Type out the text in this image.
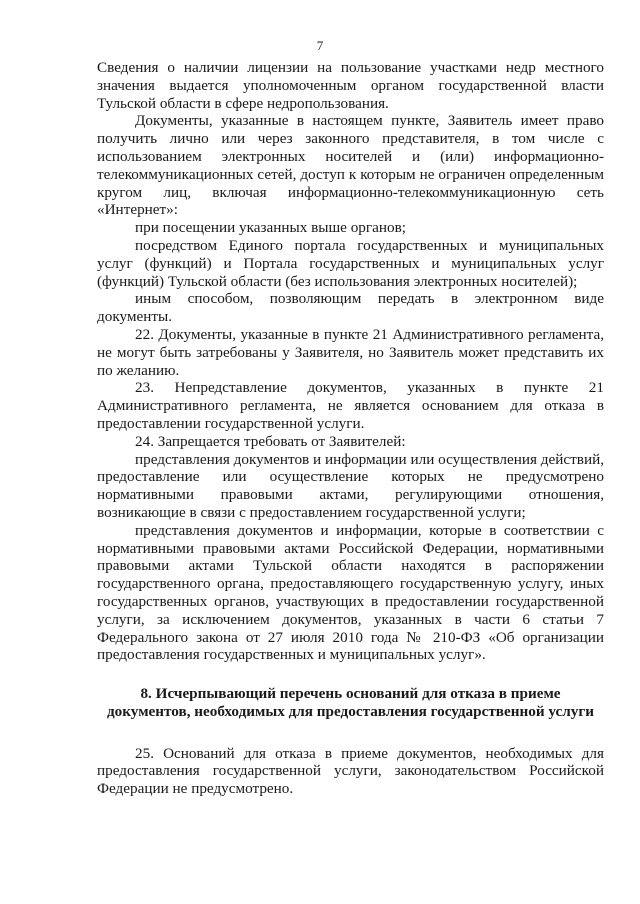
7

Сведения о наличии лицензии на пользование участками недр местного значения выдается уполномоченным органом государственной власти Тульской области в сфере недропользования.

Документы, указанные в настоящем пункте, Заявитель имеет право получить лично или через законного представителя, в том числе с использованием электронных носителей и (или) информационно-телекоммуникационных сетей, доступ к которым не ограничен определенным кругом лиц, включая информационно-телекоммуникационную сеть «Интернет»:

при посещении указанных выше органов;

посредством Единого портала государственных и муниципальных услуг (функций) и Портала государственных и муниципальных услуг (функций) Тульской области (без использования электронных носителей);

иным способом, позволяющим передать в электронном виде документы.

22. Документы, указанные в пункте 21 Административного регламента, не могут быть затребованы у Заявителя, но Заявитель может представить их по желанию.

23. Непредставление документов, указанных в пункте 21 Административного регламента, не является основанием для отказа в предоставлении государственной услуги.

24. Запрещается требовать от Заявителей:

представления документов и информации или осуществления действий, предоставление или осуществление которых не предусмотрено нормативными правовыми актами, регулирующими отношения, возникающие в связи с предоставлением государственной услуги;

представления документов и информации, которые в соответствии с нормативными правовыми актами Российской Федерации, нормативными правовыми актами Тульской области находятся в распоряжении государственного органа, предоставляющего государственную услугу, иных государственных органов, участвующих в предоставлении государственной услуги, за исключением документов, указанных в части 6 статьи 7 Федерального закона от 27 июля 2010 года № 210-ФЗ «Об организации предоставления государственных и муниципальных услуг».

8. Исчерпывающий перечень оснований для отказа в приеме документов, необходимых для предоставления государственной услуги

25. Оснований для отказа в приеме документов, необходимых для предоставления государственной услуги, законодательством Российской Федерации не предусмотрено.
